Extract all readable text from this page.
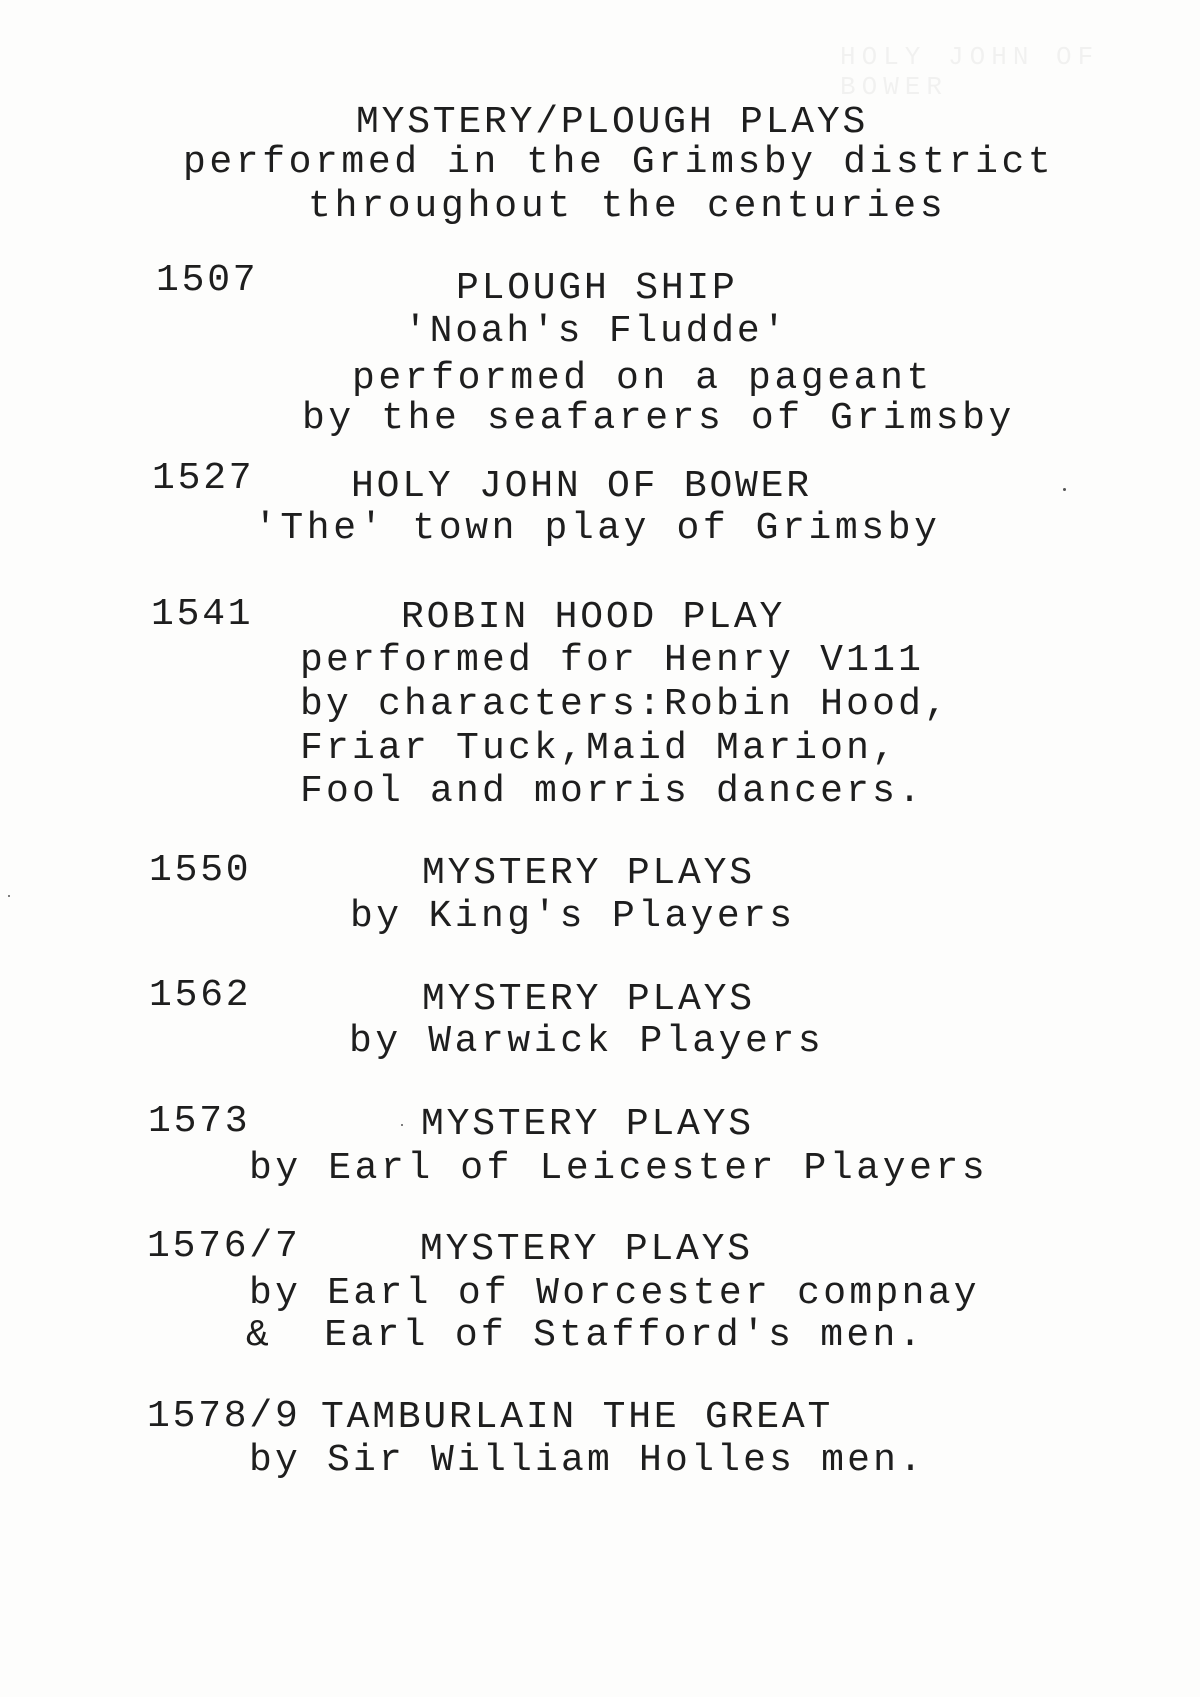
MYSTERY/PLOUGH PLAYS
performed in the Grimsby district
throughout the centuries
1507	PLOUGH SHIP
'Noah's Fludde'
performed on a pageant
by the seafarers of Grimsby
1527	HOLY JOHN OF BOWER
'The' town play of Grimsby
1541	ROBIN HOOD PLAY
performed for Henry V111
by characters:Robin Hood,
Friar Tuck,Maid Marion,
Fool and morris dancers.
1550	MYSTERY PLAYS
by King's Players
1562	MYSTERY PLAYS
by Warwick Players
1573	MYSTERY PLAYS
by Earl of Leicester Players
1576/7	MYSTERY PLAYS
by Earl of Worcester compnay
&  Earl of Stafford's men.
1578/9 TAMBURLAIN THE GREAT
by Sir William Holles men.
